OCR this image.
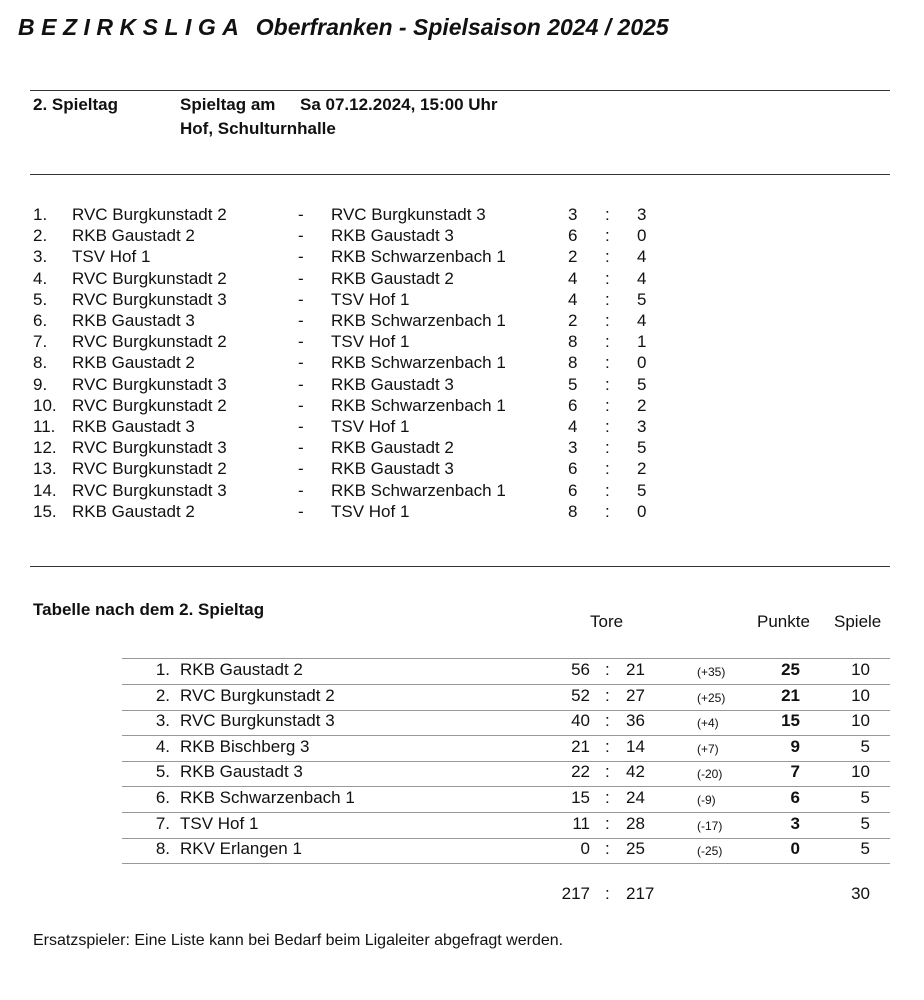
BEZIRKSLIGA Oberfranken - Spielsaison 2024 / 2025
2. Spieltag	Spieltag am Sa 07.12.2024, 15:00 Uhr
Hof, Schulturnhalle
1. RVC Burgkunstadt 2	- RVC Burgkunstadt 3	3 : 3
2. RKB Gaustadt 2	- RKB Gaustadt 3	6 : 0
3. TSV Hof 1	- RKB Schwarzenbach 1	2 : 4
4. RVC Burgkunstadt 2	- RKB Gaustadt 2	4 : 4
5. RVC Burgkunstadt 3	- TSV Hof 1	4 : 5
6. RKB Gaustadt 3	- RKB Schwarzenbach 1	2 : 4
7. RVC Burgkunstadt 2	- TSV Hof 1	8 : 1
8. RKB Gaustadt 2	- RKB Schwarzenbach 1	8 : 0
9. RVC Burgkunstadt 3	- RKB Gaustadt 3	5 : 5
10. RVC Burgkunstadt 2	- RKB Schwarzenbach 1	6 : 2
11. RKB Gaustadt 3	- TSV Hof 1	4 : 3
12. RVC Burgkunstadt 3	- RKB Gaustadt 2	3 : 5
13. RVC Burgkunstadt 2	- RKB Gaustadt 3	6 : 2
14. RVC Burgkunstadt 3	- RKB Schwarzenbach 1	6 : 5
15. RKB Gaustadt 2	- TSV Hof 1	8 : 0
Tabelle nach dem 2. Spieltag
Tore	Punkte Spiele
1. RKB Gaustadt 2	56 : 21	(+35)	25	10
2. RVC Burgkunstadt 2	52 : 27	(+25)	21	10
3. RVC Burgkunstadt 3	40 : 36	(+4)	15	10
4. RKB Bischberg 3	21 : 14	(+7)	9	5
5. RKB Gaustadt 3	22 : 42	(-20)	7	10
6. RKB Schwarzenbach 1	15 : 24	(-9)	6	5
7. TSV Hof 1	11 : 28	(-17)	3	5
8. RKV Erlangen 1	0 : 25	(-25)	0	5
217 : 217	30
Ersatzspieler: Eine Liste kann bei Bedarf beim Ligaleiter abgefragt werden.
